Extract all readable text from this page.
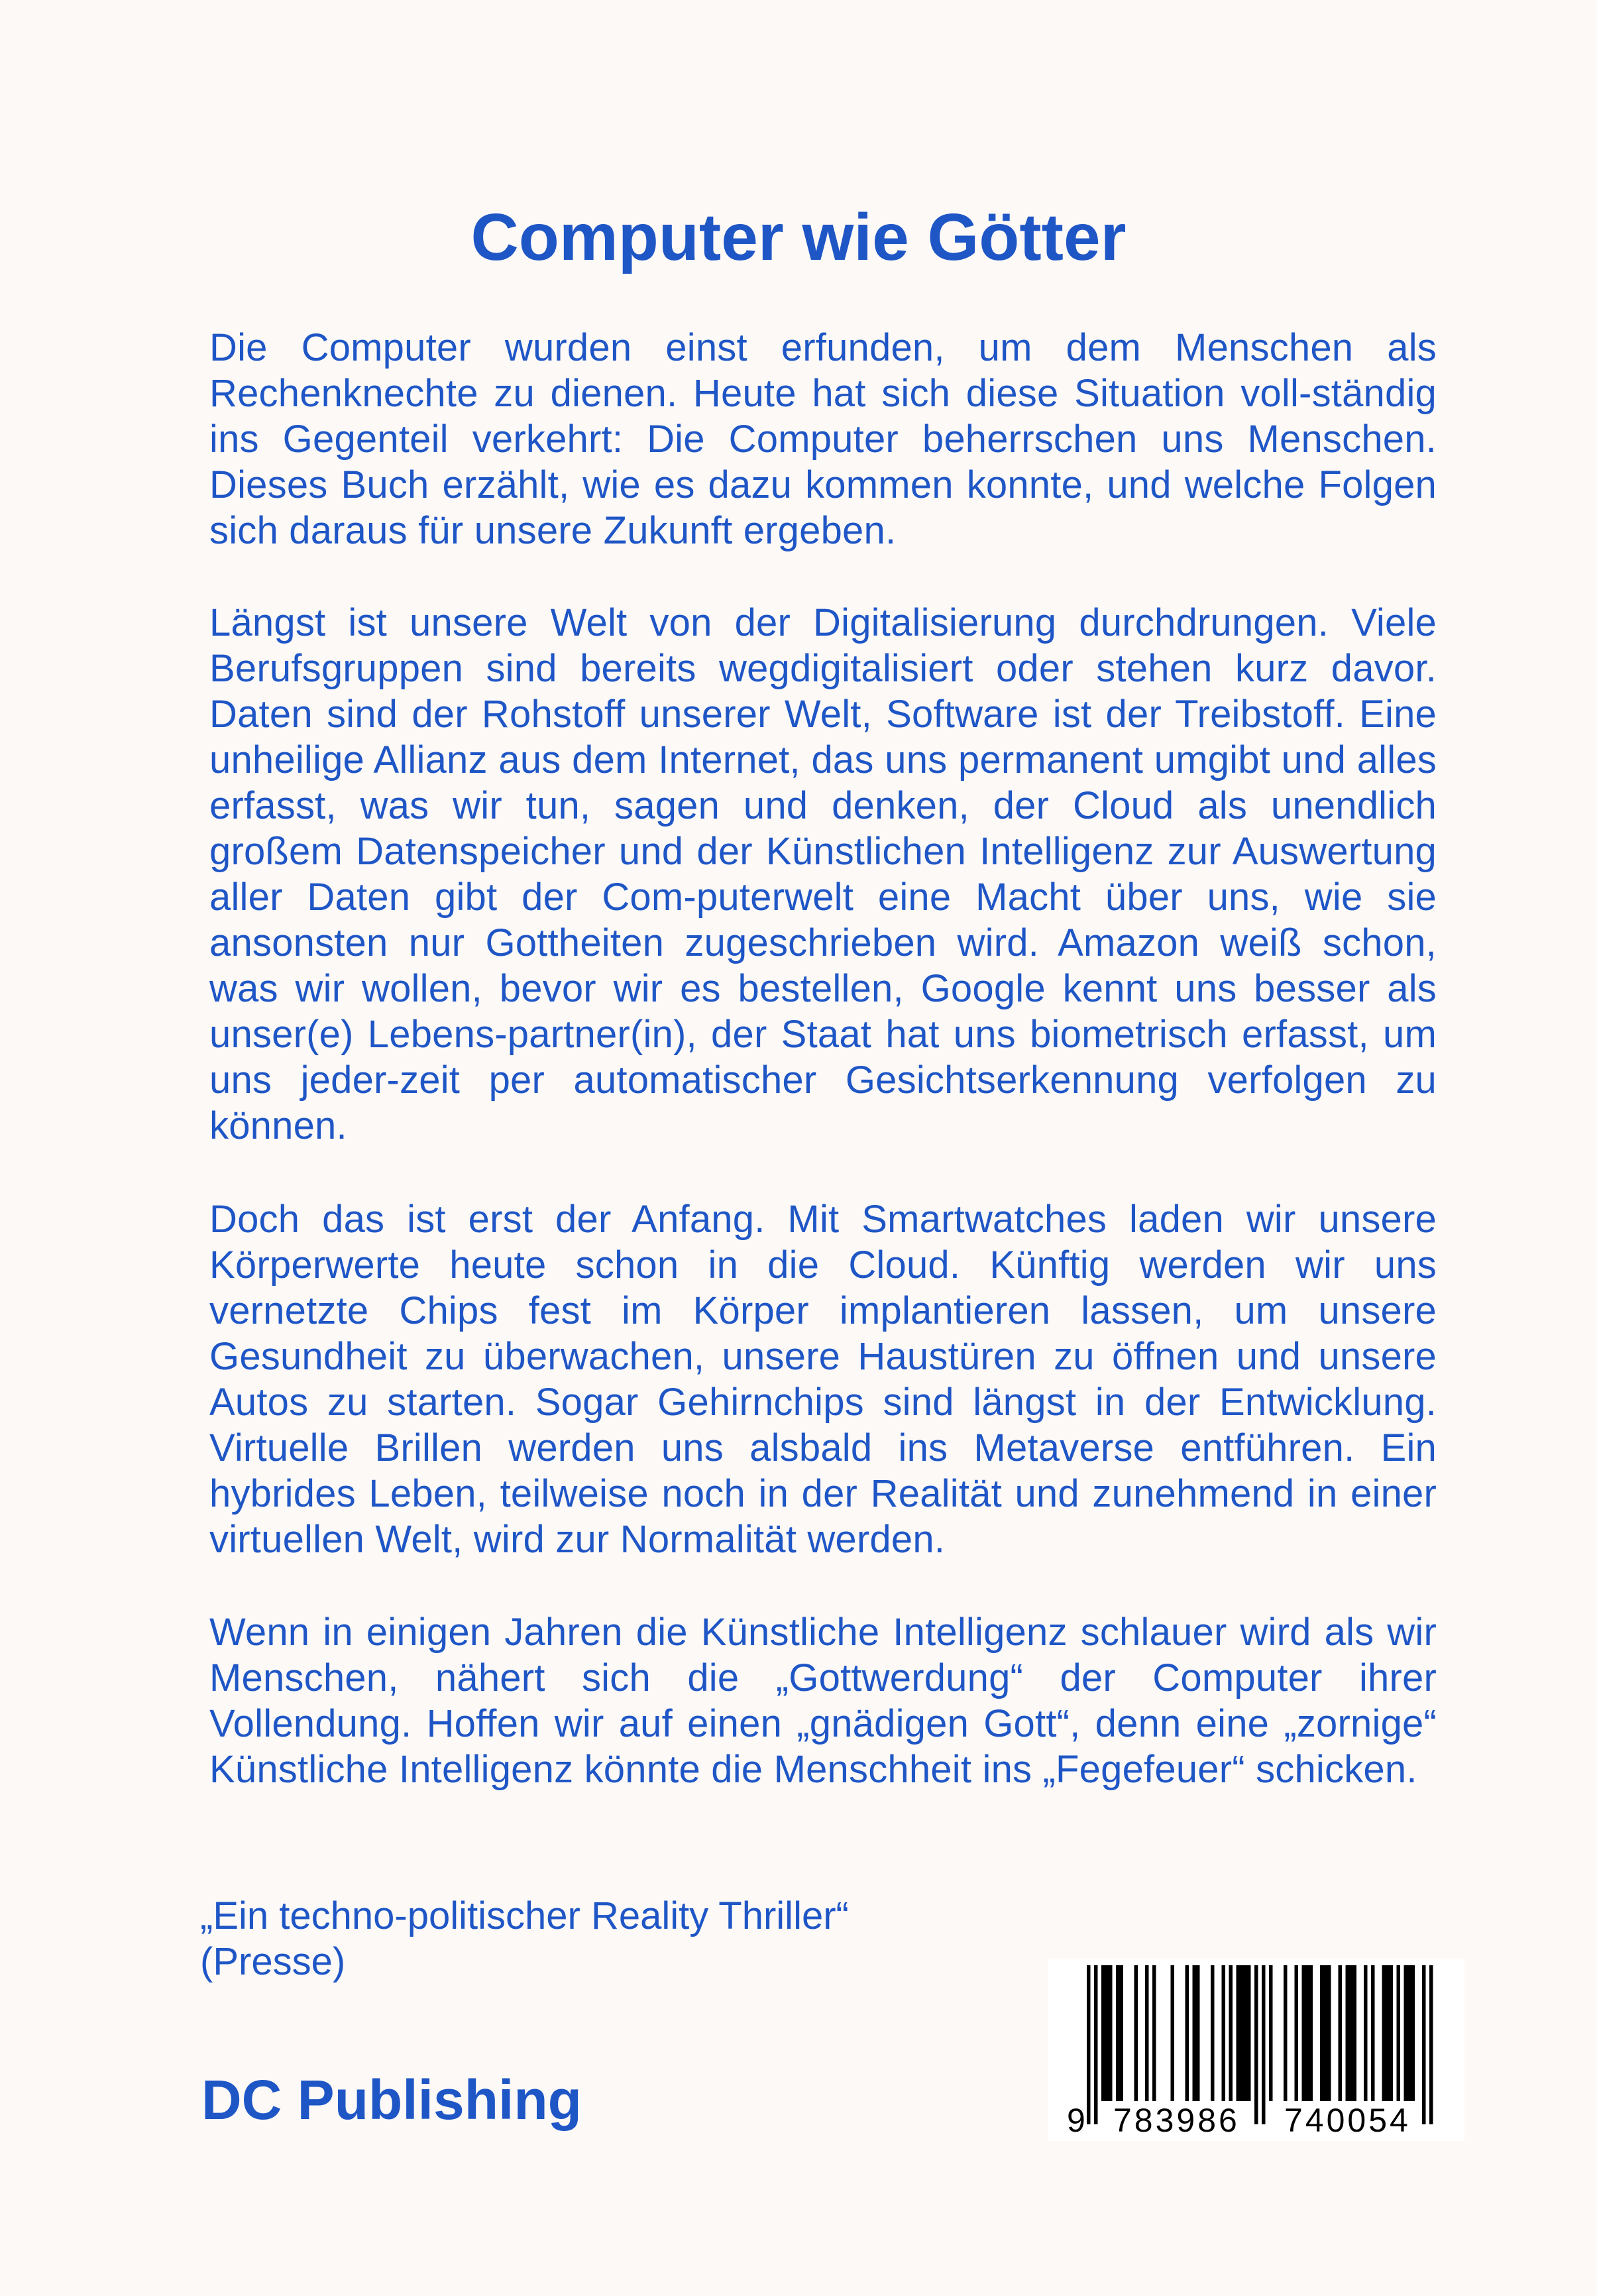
Computer wie Götter

Die Computer wurden einst erfunden, um dem Menschen als Rechenknechte zu dienen. Heute hat sich diese Situation voll-​ständig ins Gegenteil verkehrt: Die Computer beherrschen uns Menschen. Dieses Buch erzählt, wie es dazu kommen konnte, und welche Folgen sich daraus für unsere Zukunft ergeben.

Längst ist unsere Welt von der Digitalisierung durchdrungen. Viele Berufsgruppen sind bereits wegdigitalisiert oder stehen kurz davor. Daten sind der Rohstoff unserer Welt, Software ist der Treibstoff. Eine unheilige Allianz aus dem Internet, das uns permanent umgibt und alles erfasst, was wir tun, sagen und denken, der Cloud als unendlich großem Datenspeicher und der Künstlichen Intelligenz zur Auswertung aller Daten gibt der Com-​puterwelt eine Macht über uns, wie sie ansonsten nur Gottheiten zugeschrieben wird. Amazon weiß schon, was wir wollen, bevor wir es bestellen, Google kennt uns besser als unser(e) Lebens-​partner(in), der Staat hat uns biometrisch erfasst, um uns jeder-​zeit per automatischer Gesichtserkennung verfolgen zu können.

Doch das ist erst der Anfang. Mit Smartwatches laden wir unsere Körperwerte heute schon in die Cloud. Künftig werden wir uns vernetzte Chips fest im Körper implantieren lassen, um unsere Gesundheit zu überwachen, unsere Haustüren zu öffnen und unsere Autos zu starten. Sogar Gehirnchips sind längst in der Entwicklung. Virtuelle Brillen werden uns alsbald ins Metaverse entführen. Ein hybrides Leben, teilweise noch in der Realität und zunehmend in einer virtuellen Welt, wird zur Normalität werden.

Wenn in einigen Jahren die Künstliche Intelligenz schlauer wird als wir Menschen, nähert sich die „Gottwerdung“ der Computer ihrer Vollendung. Hoffen wir auf einen „gnädigen Gott“, denn eine „zornige“ Künstliche Intelligenz könnte die Menschheit ins „Fegefeuer“ schicken.

„Ein techno-politischer Reality Thriller“
(Presse)
DC Publishing	9 783986 740054
